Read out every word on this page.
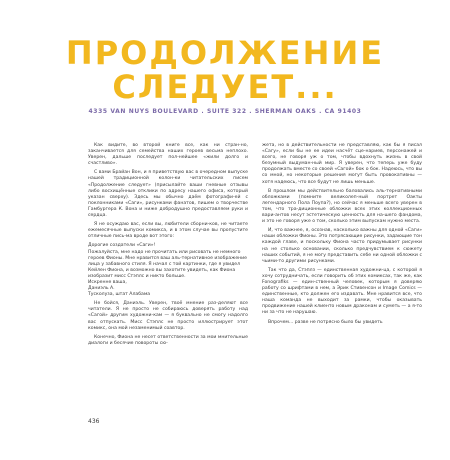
ПРОДОЛЖЕНИЕ
СЛЕДУЕТ...
4335 VAN NUYS BOULEVARD . SUITE 322 . SHERMAN OAKS . CA 91403

Как видите, во второй книге все, как ни стран-но, заканчивается для семейства наших героев весьма неплохо. Уверен, дальше последует пол-нейшее «жили долго и счастливо».

С вами Брайан Вон, и я приветствую вас в очередном выпуске нашей традиционной колон-ки читательских писем «Продолжение следует» (присылайте ваши гневные отзывы либо восхищённые отклики по адресу нашего офиса, который указан сверху). Здесь мы обычно даём фотографи-ей с поклонниками «Саги», рисунками фанатов, пишем о творчестве Гамбургера К. Вона и ниже добродушно предоставляем руки и сердца.

Я не осуждаю вас, если вы, любители сборни-ков, не читаете ежемесячные выпуски комикса, и в этом случае вы пропустите отличные пись-ма вроде вот этого:

Дорогие создатели «Саги»!
Пожалуйста, мне надо не прочитать или рисовать не немного героев Фионы. Мне нравится ваш аль-тернативное изображение лица у забавного стиля. Я начал с той картинки, где я увидел Кейлен Фиона, и возможно вы захотите увидеть, как Фиона изобразит мисс Стэплс и никто больше.
Искренне ваша,
Даниэль А.
Тусколуза, штат Алабама

Не бойся, Даниэль. Уверен, твоё мнение раз-деляют все читатели. Я не просто не собираюсь доверять работу над «Сагой» другим художни-кам — я буквально не смогу надолго вас отпускать. Мисс Стэплс не просто иллюстрирует этот комикс, она мой незаменимый соавтор.

Конечно, Фиона не несет ответственности за мои мнительные диалоги и бесячие повороты сю-

жета, но в действительности не представляю, как бы я писал «Сагу», если бы не ее идеи насчёт сце-нариев, персонажей и всего, не говоря уж о том, чтобы вдохнуть жизнь в свой безумный выдуман-ный мир. Я уверен, что теперь уже буду продолжать вместе со своей «Сагой» бок о бок. Надеюсь, что вы со мной, но некоторые решения могут быть провокативны — хотя надеюсь, что все будут не лишь меньше.

В прошлом мы действительно баловались аль-тернативными обложками (помните великолеп-ный портрет Оакты легендарного Пола Поупа?), но сейчас я меньше всего уверен в том, что тра-диционные обложки всех этих коллекционных вари-антов несут эстетическую ценность для на-шего фандома, и это не говоря уже о том, сколько этим выпускам нужно места.

И, что важнее, я, осознав, насколько важны для одной «Саги» наши обложки Фионы. Это потрясающие рисунки, задающие тон каждой главе, и поскольку Фиона часто придумывает рисунки на не столько основании, сколько предчувствием к сюжету наших событий, я не могу представить себе ни одной обложки с чьими-то другими рисунками.

Так что да, Стэплз — единственная художни-ца, с которой я хочу сотрудничать, если говорить об этих комиксах, так же, как Fonografiks — един-ственный человек, которым я доверяю работу со шрифтами в нем, а Эрик Стивенсон и Image Comics — единственные, кто должен его издавать. Мне нравится все, что наша команда не выходит за рамки, чтобы оказывать продвижение нашей клиенто новым драконам и суметь — а я-то ни за что не нарушаю.

Впрочем... разве не потрясно было бы увидеть

436
